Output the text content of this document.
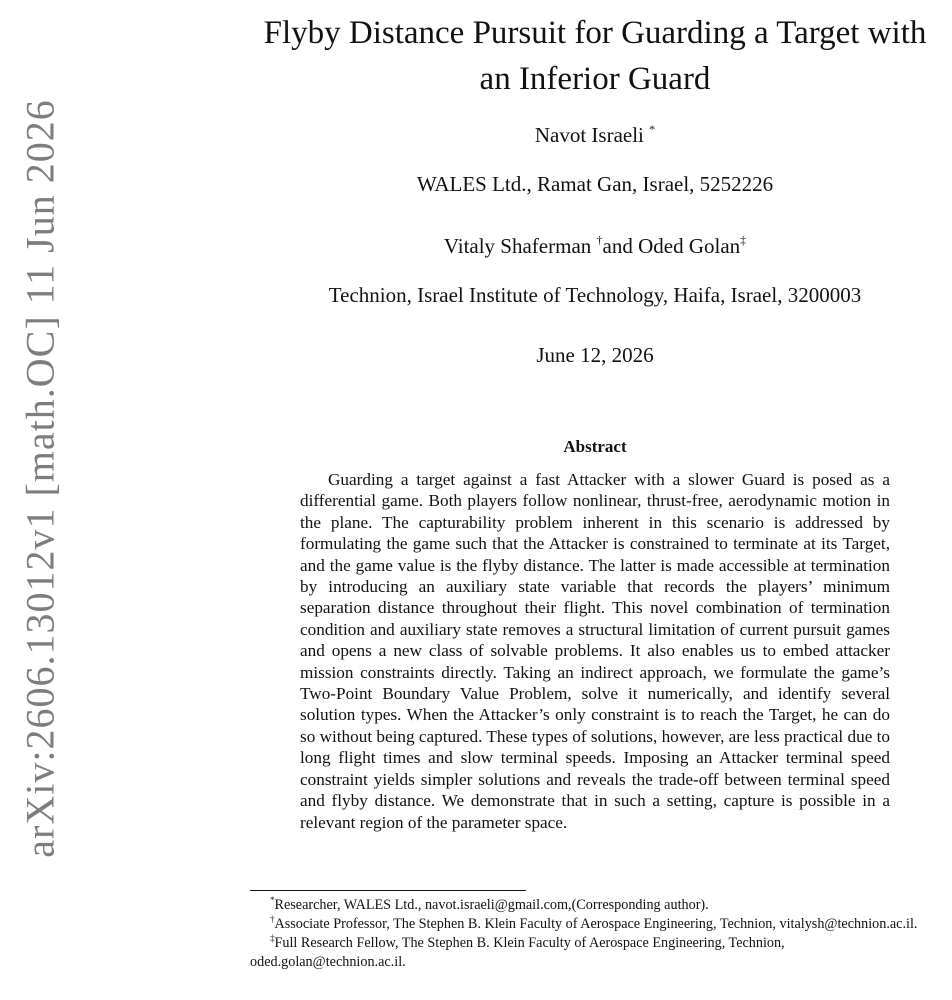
arXiv:2606.13012v1 [math.OC] 11 Jun 2026
Flyby Distance Pursuit for Guarding a Target with an Inferior Guard
Navot Israeli *
WALES Ltd., Ramat Gan, Israel, 5252226
Vitaly Shaferman †and Oded Golan‡
Technion, Israel Institute of Technology, Haifa, Israel, 3200003
June 12, 2026
Abstract

Guarding a target against a fast Attacker with a slower Guard is posed as a differential game. Both players follow nonlinear, thrust-free, aerodynamic motion in the plane. The capturability problem inherent in this scenario is addressed by formulating the game such that the Attacker is constrained to terminate at its Target, and the game value is the flyby distance. The latter is made accessible at termination by introducing an auxiliary state variable that records the players’ minimum separation distance throughout their flight. This novel combination of termination condition and auxiliary state removes a structural limitation of current pursuit games and opens a new class of solvable problems. It also enables us to embed attacker mission constraints directly. Taking an indirect approach, we formulate the game’s Two-Point Boundary Value Problem, solve it numerically, and identify several solution types. When the Attacker’s only constraint is to reach the Target, he can do so without being captured. These types of solutions, however, are less practical due to long flight times and slow terminal speeds. Imposing an Attacker terminal speed constraint yields simpler solutions and reveals the trade-off between terminal speed and flyby distance. We demonstrate that in such a setting, capture is possible in a relevant region of the parameter space.

*Researcher, WALES Ltd., navot.israeli@gmail.com,(Corresponding author).

†Associate Professor, The Stephen B. Klein Faculty of Aerospace Engineering, Technion, vitalysh@technion.ac.il.

‡Full Research Fellow, The Stephen B. Klein Faculty of Aerospace Engineering, Technion, oded.golan@technion.ac.il.
